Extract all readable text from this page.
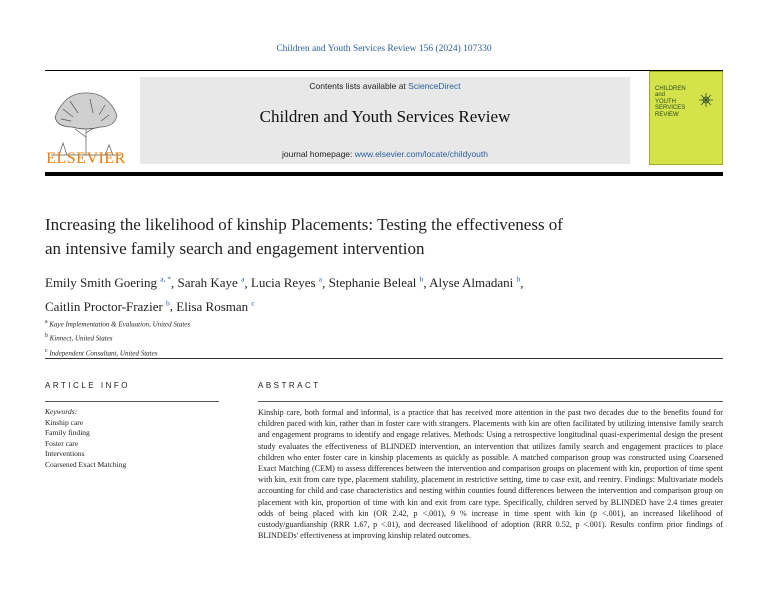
Children and Youth Services Review 156 (2024) 107330
ELSEVIER
Contents lists available at ScienceDirect
Children and Youth Services Review
journal homepage: www.elsevier.com/locate/childyouth
CHILDREN
and
YOUTH
SERVICES
REVIEW
Increasing the likelihood of kinship Placements: Testing the effectiveness of
an intensive family search and engagement intervention
Emily Smith Goering $^{a, *}$, Sarah Kaye $^a$, Lucia Reyes $^a$, Stephanie Beleal $^b$, Alyse Almadani $^b$,
Caitlin Proctor-Frazier $^b$, Elisa Rosman $^c$
$^a$ Kaye Implementation & Evaluation, United States
$^b$ Kinnect, United States
$^c$ Independent Consultant, United States
ARTICLE INFO	ABSTRACT
Keywords:
Kinship care
Family finding
Foster care
Interventions
Coarsened Exact Matching
Kinship care, both formal and informal, is a practice that has received more attention in the past two decades due to the benefits found for children paced with kin, rather than in foster care with strangers. Placements with kin are often facilitated by utilizing intensive family search and engagement programs to identify and engage relatives. Methods: Using a retrospective longitudinal quasi-experimental design the present study evaluates the effectiveness of BLINDED intervention, an intervention that utilizes family search and engagement practices to place children who enter foster care in kinship placements as quickly as possible. A matched comparison group was constructed using Coarsened Exact Matching (CEM) to assess differences between the intervention and comparison groups on placement with kin, proportion of time spent with kin, exit from care type, placement stability, placement in restrictive setting, time to case exit, and reentry. Findings: Multivariate models accounting for child and case characteristics and nesting within counties found differences between the intervention and comparison group on placement with kin, proportion of time with kin and exit from care type. Specifically, children served by BLINDED have 2.4 times greater odds of being placed with kin (OR 2.42, p <.001), 9 % increase in time spent with kin (p <.001), an increased likelihood of custody/guardianship (RRR 1.67, p <.01), and decreased likelihood of adoption (RRR 0.52, p <.001). Results confirm prior findings of BLINDEDs' effectiveness at improving kinship related outcomes.
